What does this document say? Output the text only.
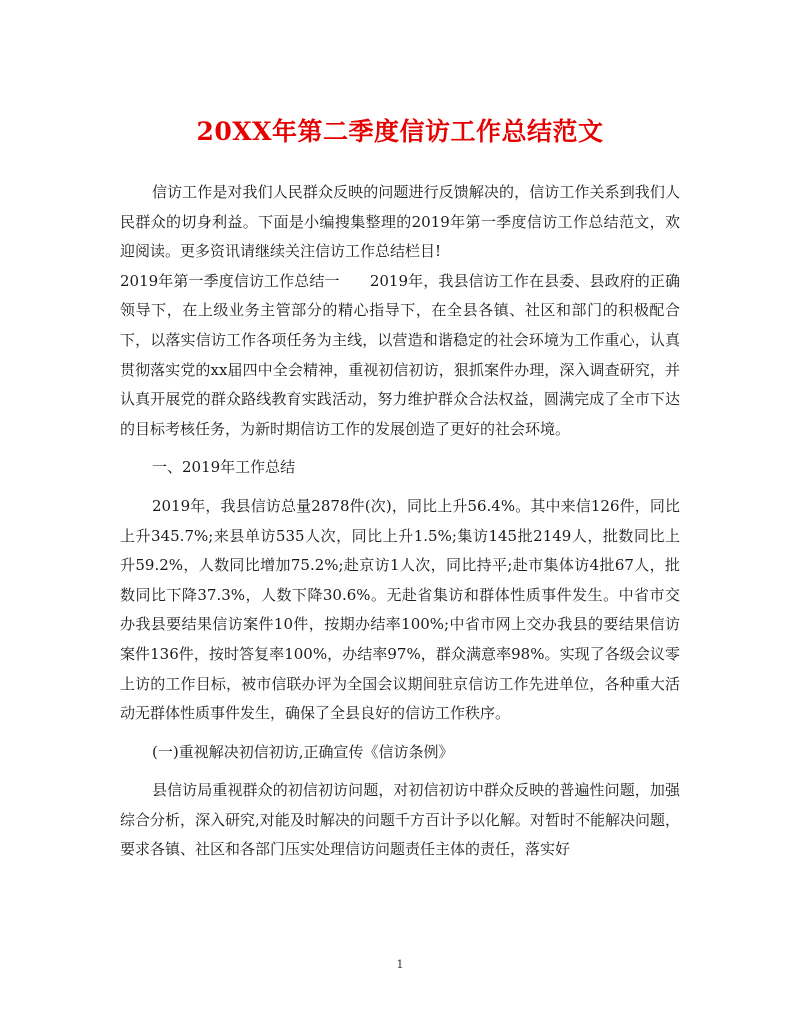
20XX年第二季度信访工作总结范文

信访工作是对我们人民群众反映的问题进行反馈解决的，信访工作关系到我们人民群众的切身利益。下面是小编搜集整理的2019年第一季度信访工作总结范文，欢迎阅读。更多资讯请继续关注信访工作总结栏目!

2019年第一季度信访工作总结一　　2019年，我县信访工作在县委、县政府的正确领导下，在上级业务主管部分的精心指导下，在全县各镇、社区和部门的积极配合下，以落实信访工作各项任务为主线，以营造和谐稳定的社会环境为工作重心，认真贯彻落实党的xx届四中全会精神，重视初信初访，狠抓案件办理，深入调查研究，并认真开展党的群众路线教育实践活动，努力维护群众合法权益，圆满完成了全市下达的目标考核任务，为新时期信访工作的发展创造了更好的社会环境。

一、2019年工作总结

2019年，我县信访总量2878件(次)，同比上升56.4%。其中来信126件，同比上升345.7%;来县单访535人次，同比上升1.5%;集访145批2149人，批数同比上升59.2%，人数同比增加75.2%;赴京访1人次，同比持平;赴市集体访4批67人，批数同比下降37.3%，人数下降30.6%。无赴省集访和群体性质事件发生。中省市交办我县要结果信访案件10件，按期办结率100%;中省市网上交办我县的要结果信访案件136件，按时答复率100%，办结率97%，群众满意率98%。实现了各级会议零上访的工作目标，被市信联办评为全国会议期间驻京信访工作先进单位，各种重大活动无群体性质事件发生，确保了全县良好的信访工作秩序。

(一)重视解决初信初访,正确宣传《信访条例》

县信访局重视群众的初信初访问题，对初信初访中群众反映的普遍性问题，加强综合分析，深入研究,对能及时解决的问题千方百计予以化解。对暂时不能解决问题，要求各镇、社区和各部门压实处理信访问题责任主体的责任，落实好

1
